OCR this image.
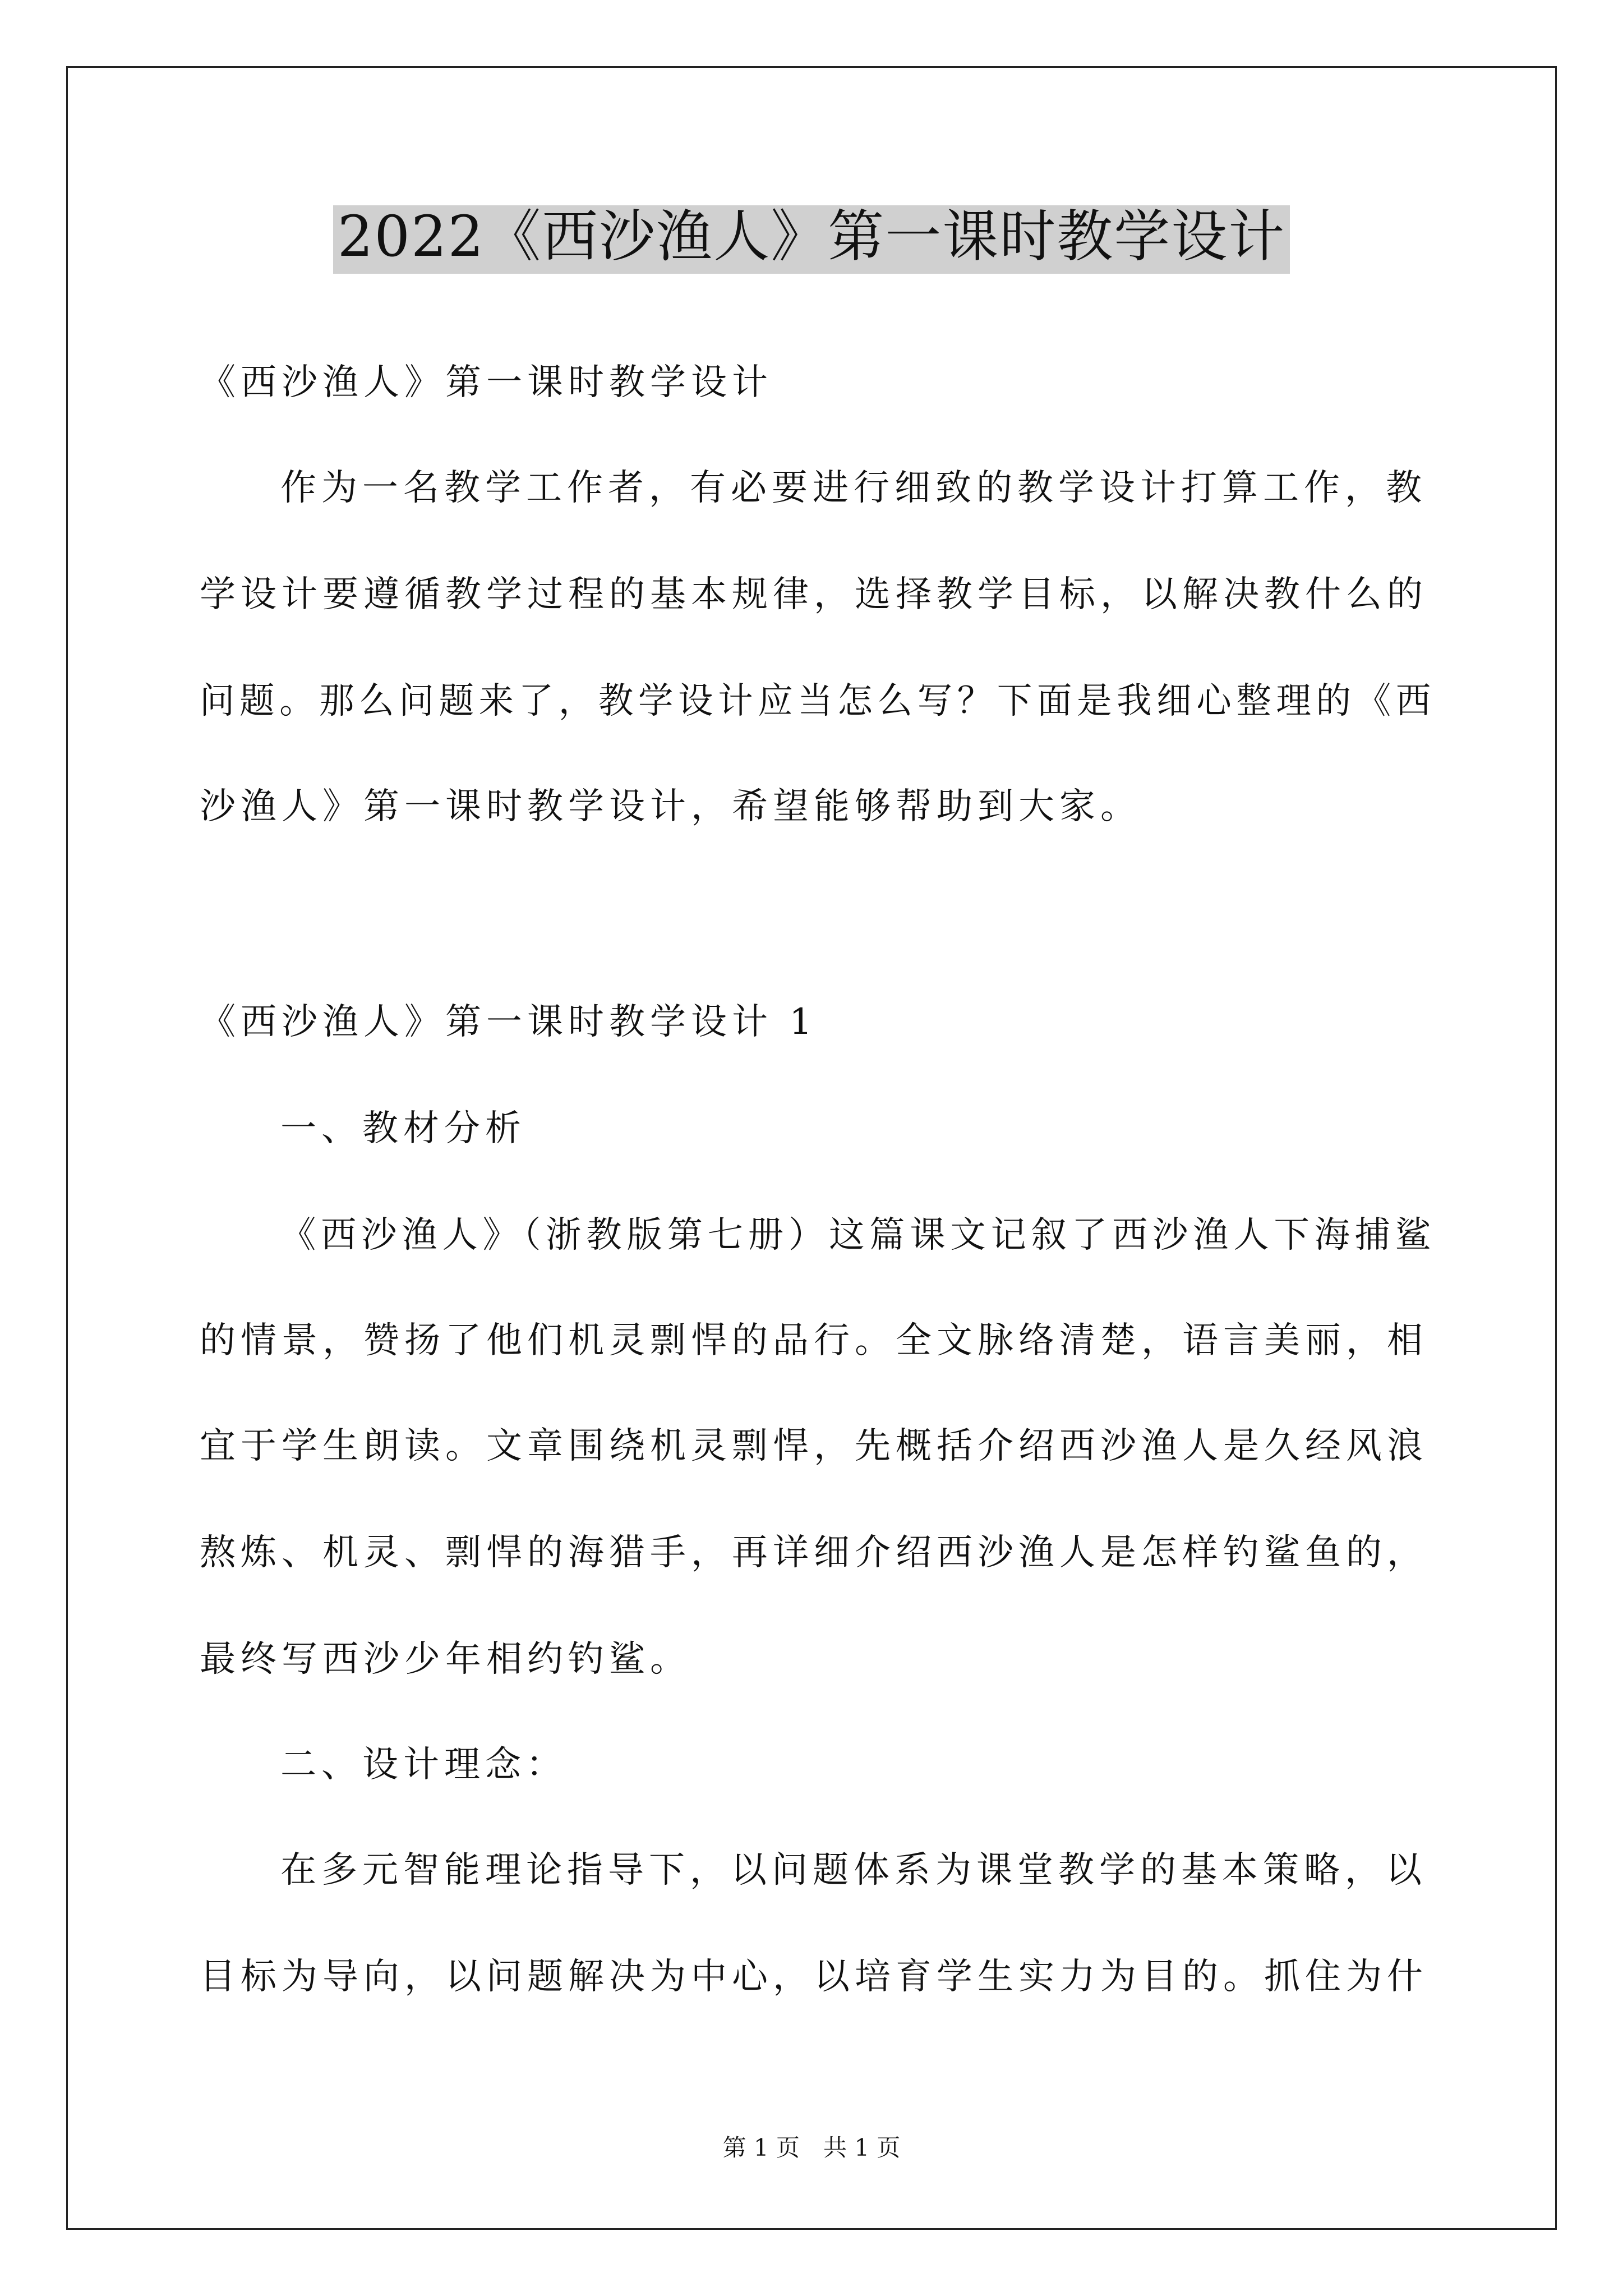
2022《西沙渔人》第一课时教学设计
《西沙渔人》第一课时教学设计
作为一名教学工作者，有必要进行细致的教学设计打算工作，教
学设计要遵循教学过程的基本规律，选择教学目标，以解决教什么的
问题。那么问题来了，教学设计应当怎么写？下面是我细心整理的《西
沙渔人》第一课时教学设计，希望能够帮助到大家。
《西沙渔人》第一课时教学设计 1
一、教材分析
《西沙渔人》（浙教版第七册）这篇课文记叙了西沙渔人下海捕鲨
的情景，赞扬了他们机灵剽悍的品行。全文脉络清楚，语言美丽，相
宜于学生朗读。文章围绕机灵剽悍，先概括介绍西沙渔人是久经风浪
熬炼、机灵、剽悍的海猎手，再详细介绍西沙渔人是怎样钓鲨鱼的，
最终写西沙少年相约钓鲨。
二、设计理念：
在多元智能理论指导下，以问题体系为课堂教学的基本策略，以
目标为导向，以问题解决为中心，以培育学生实力为目的。抓住为什
第 1 页　共 1 页
